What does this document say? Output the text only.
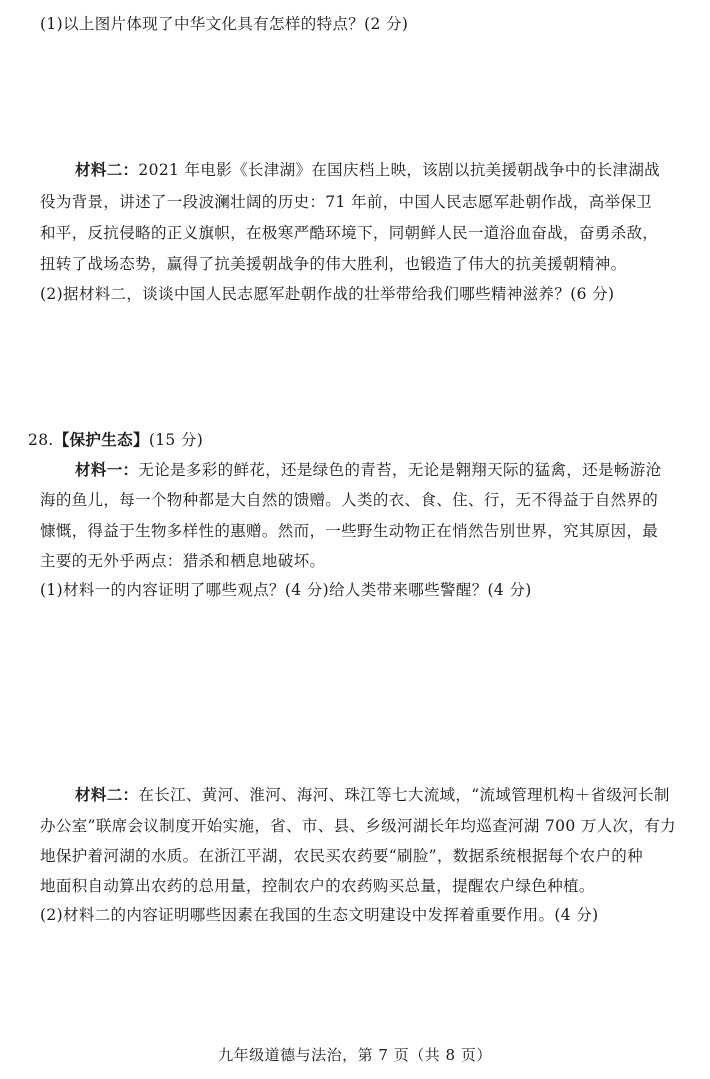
(1)以上图片体现了中华文化具有怎样的特点？(2 分)
材料二：2021 年电影《长津湖》在国庆档上映，该剧以抗美援朝战争中的长津湖战
役为背景，讲述了一段波澜壮阔的历史：71 年前，中国人民志愿军赴朝作战，高举保卫
和平，反抗侵略的正义旗帜，在极寒严酷环境下，同朝鲜人民一道浴血奋战，奋勇杀敌，
扭转了战场态势，赢得了抗美援朝战争的伟大胜利，也锻造了伟大的抗美援朝精神。
(2)据材料二，谈谈中国人民志愿军赴朝作战的壮举带给我们哪些精神滋养？(6 分)
28.【保护生态】(15 分)
材料一：无论是多彩的鲜花，还是绿色的青苔，无论是翱翔天际的猛禽，还是畅游沧
海的鱼儿，每一个物种都是大自然的馈赠。人类的衣、食、住、行，无不得益于自然界的
慷慨，得益于生物多样性的惠赠。然而，一些野生动物正在悄然告别世界，究其原因，最
主要的无外乎两点：猎杀和栖息地破坏。
(1)材料一的内容证明了哪些观点？(4 分)给人类带来哪些警醒？(4 分)
材料二：在长江、黄河、淮河、海河、珠江等七大流域，“流域管理机构＋省级河长制
办公室”联席会议制度开始实施，省、市、县、乡级河湖长年均巡查河湖 700 万人次，有力
地保护着河湖的水质。在浙江平湖，农民买农药要“刷脸”，数据系统根据每个农户的种
地面积自动算出农药的总用量，控制农户的农药购买总量，提醒农户绿色种植。
(2)材料二的内容证明哪些因素在我国的生态文明建设中发挥着重要作用。(4 分)
九年级道德与法治，第 7 页（共 8 页）
